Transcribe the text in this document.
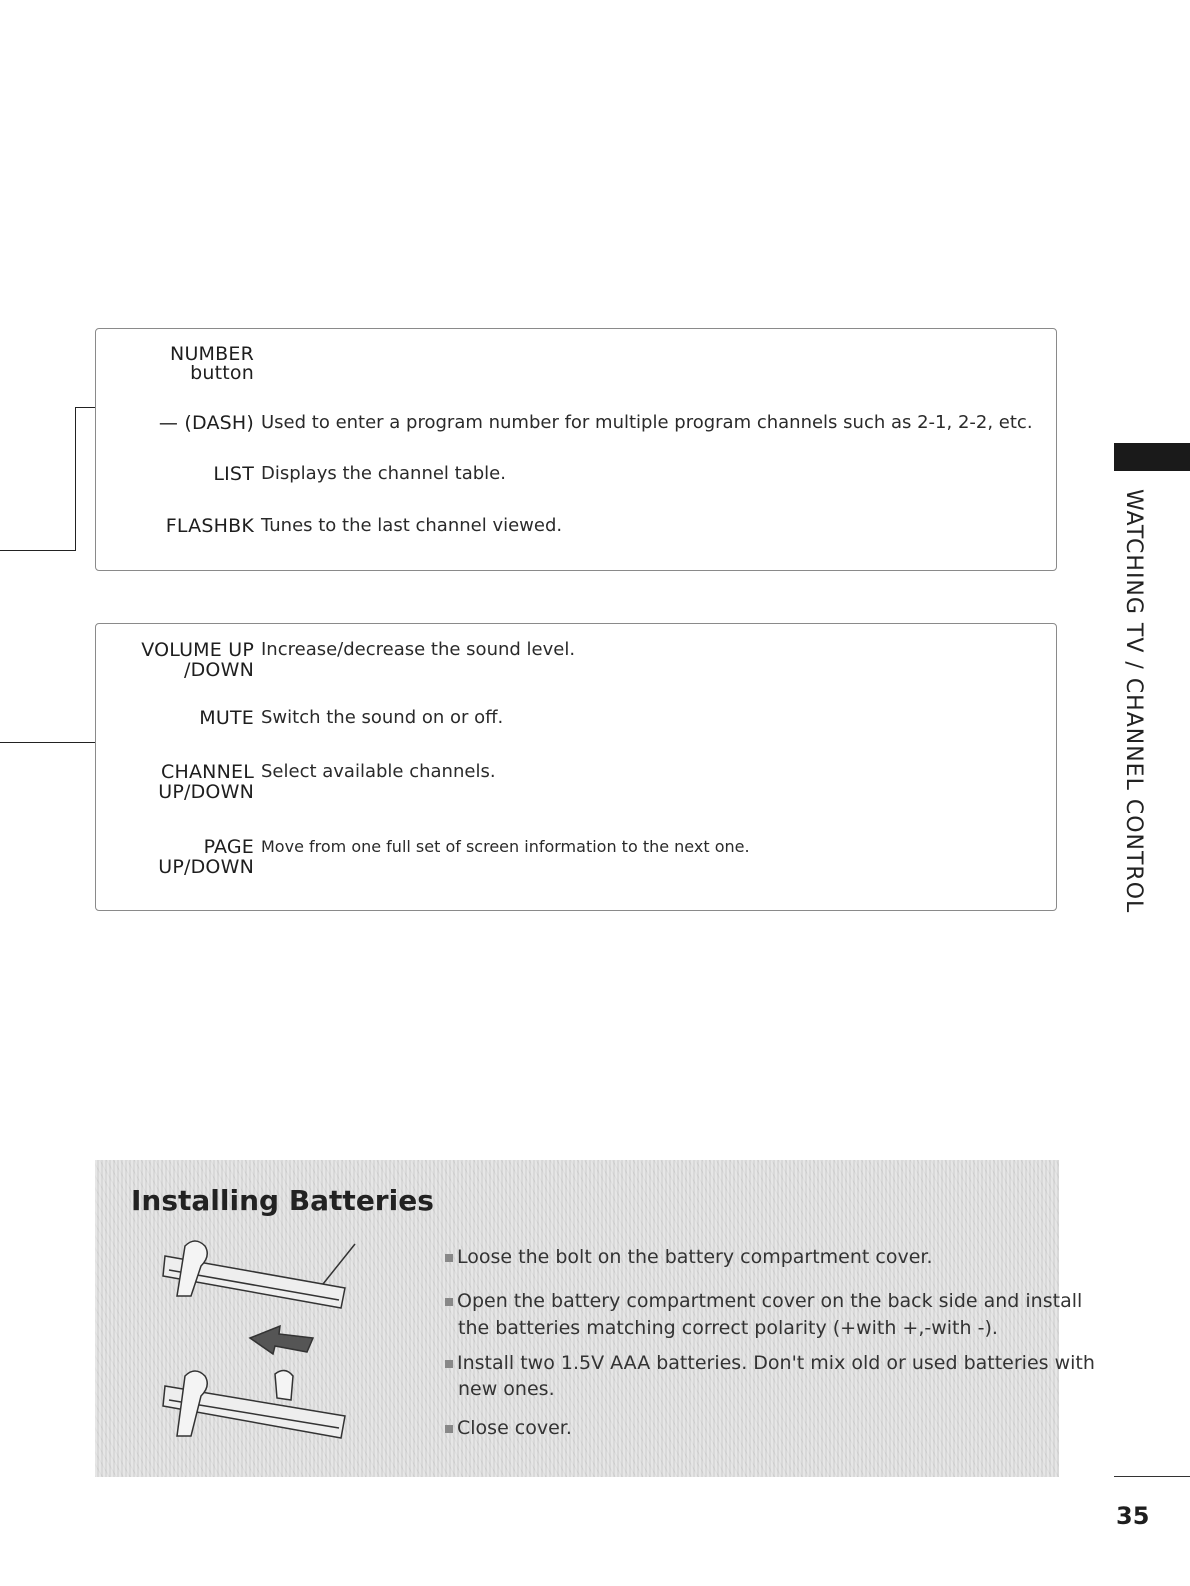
NUMBER
button
— (DASH) Used to enter a program number for multiple program channels such as 2-1, 2-2, etc.
LIST Displays the channel table.
FLASHBK Tunes to the last channel viewed.
VOLUME UP
/DOWN
Increase/decrease the sound level.
MUTE Switch the sound on or off.
CHANNEL
UP/DOWN
Select available channels.
PAGE
UP/DOWN
Move from one full set of screen information to the next one.	WATCHING TV / CHANNEL CONTROL
Installing Batteries
Loose the bolt on the battery compartment cover.
Open the battery compartment cover on the back side and install
the batteries matching correct polarity (+with +,-with -).
Install two 1.5V AAA batteries. Don't mix old or used batteries with
new ones.
Close cover.
35
